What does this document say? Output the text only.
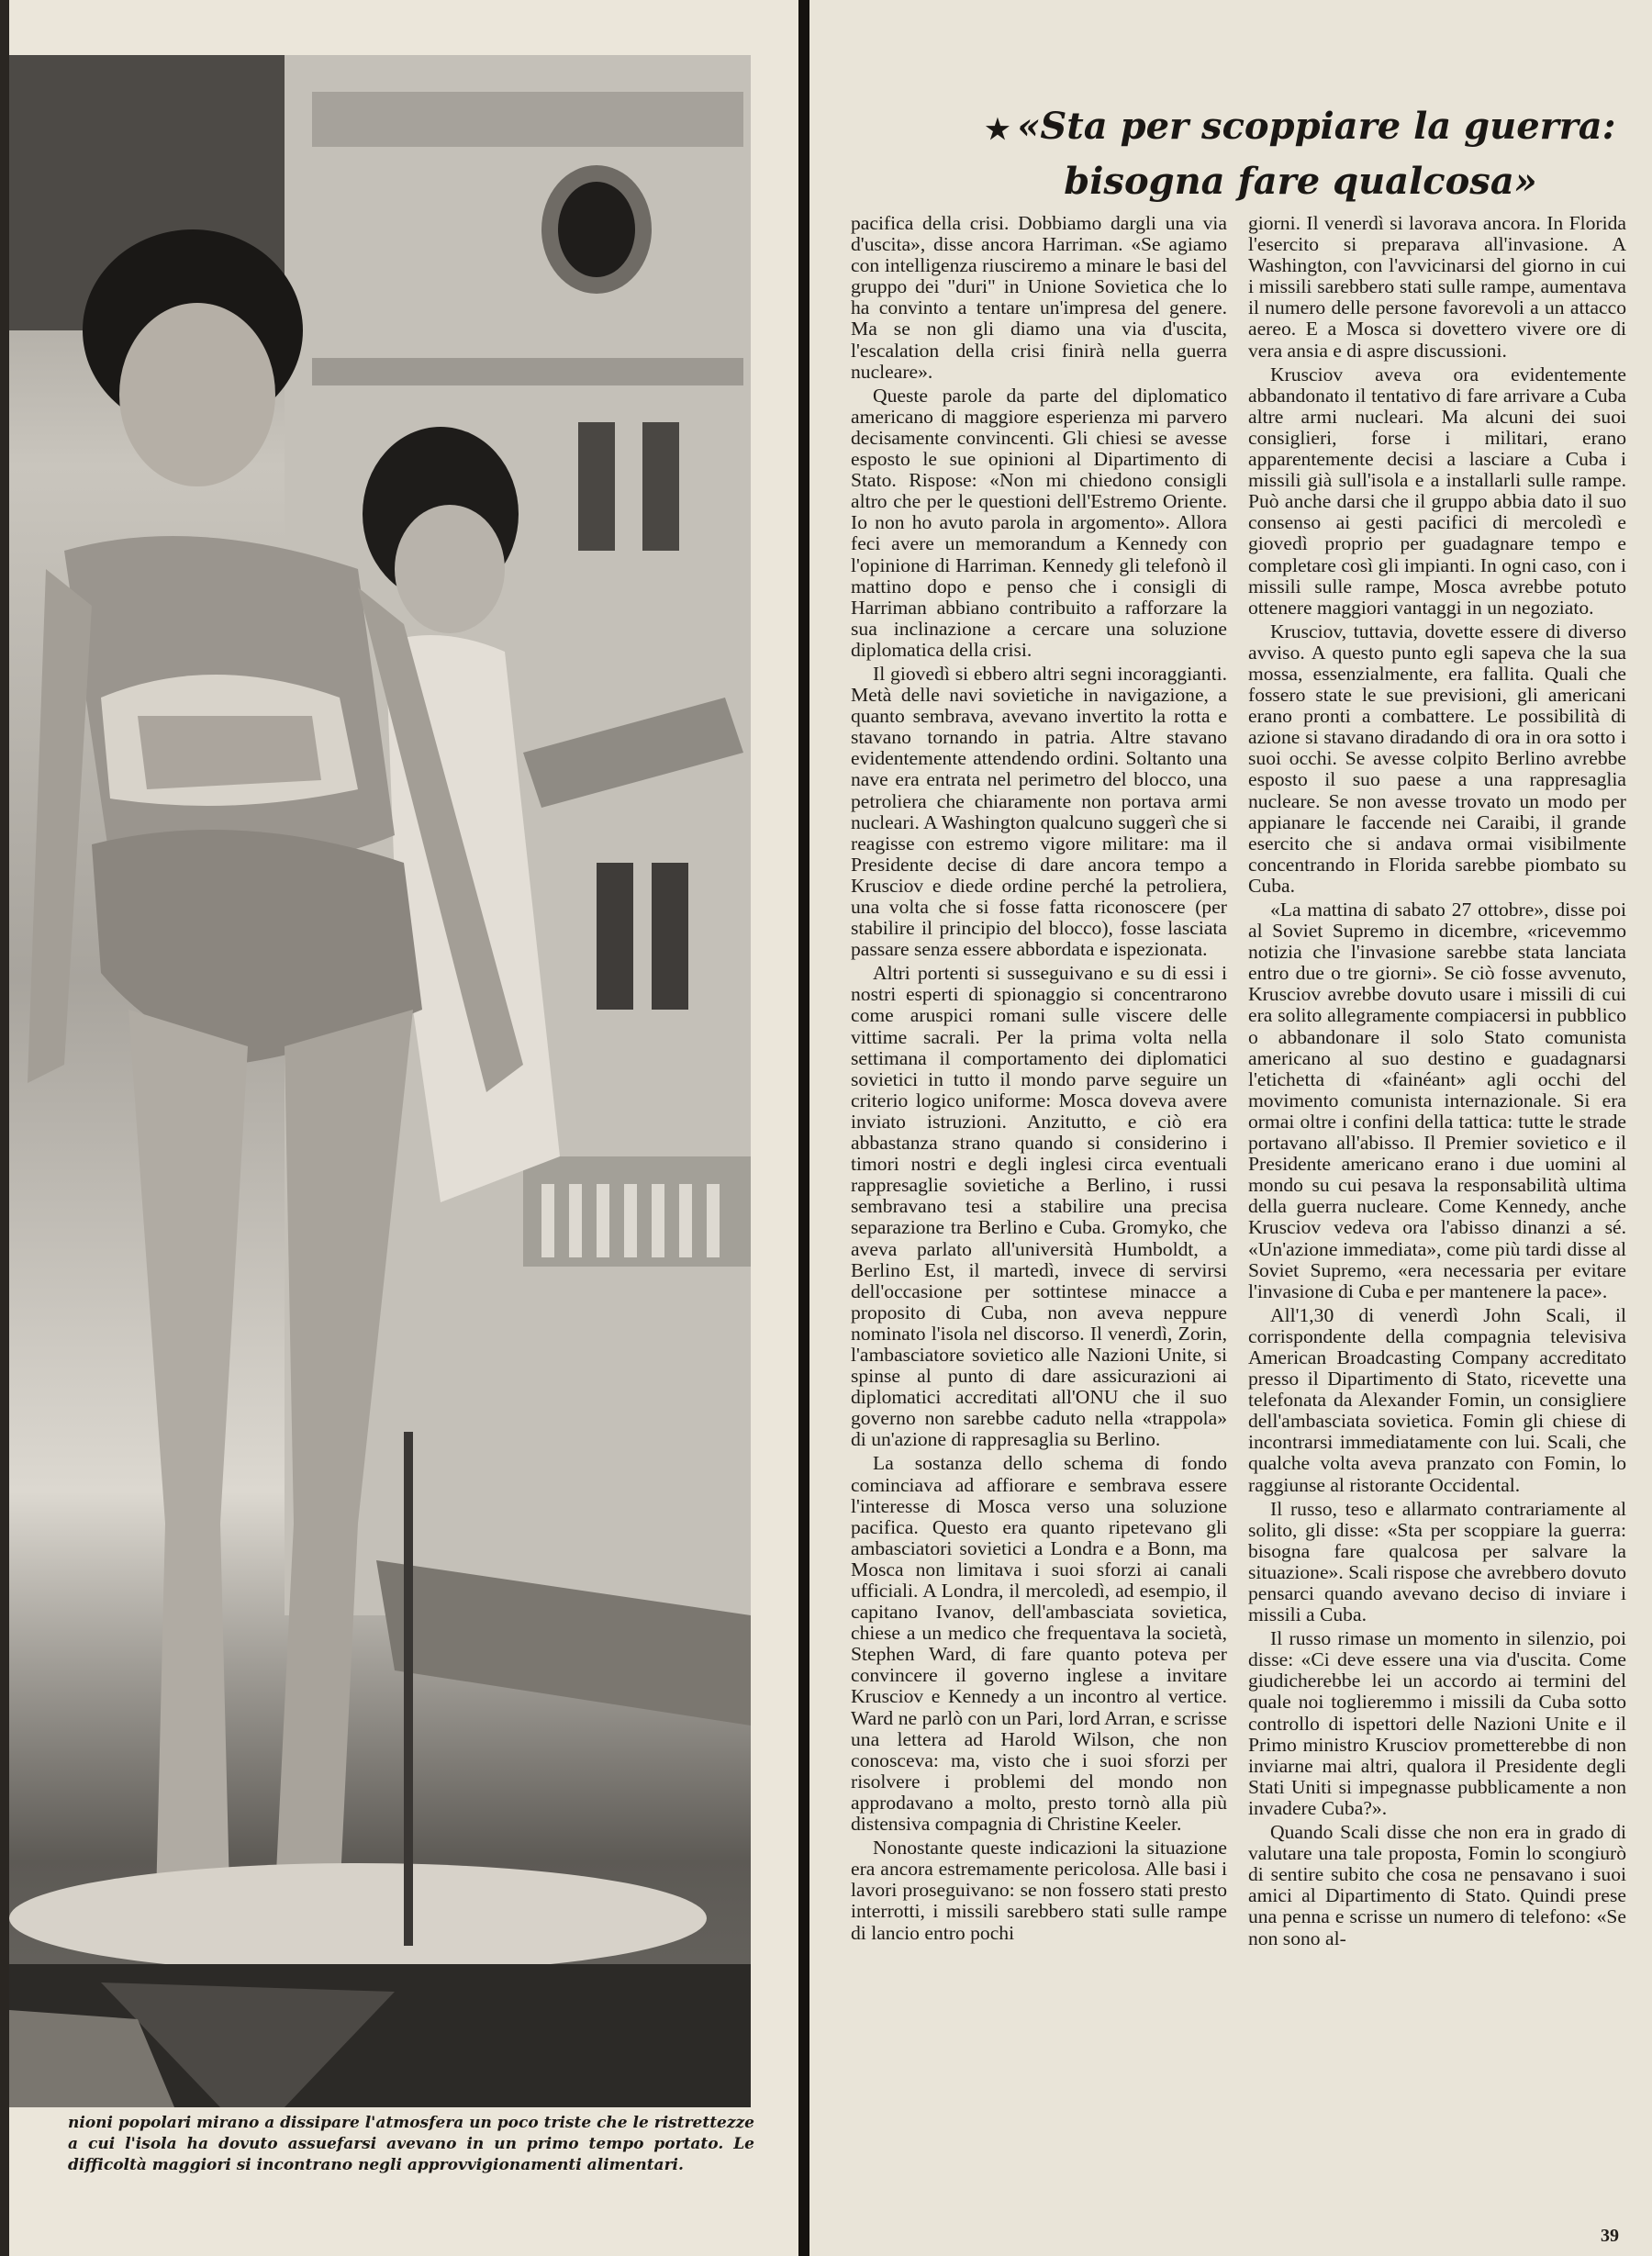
nioni popolari mirano a dissipare l'atmosfera un poco triste che le ristrettezze a cui l'isola ha dovuto assuefarsi avevano in un primo tempo portato. Le difficoltà maggiori si incontrano negli approvvigionamenti alimentari.
★ «Sta per scoppiare la guerra:
bisogna fare qualcosa»

pacifica della crisi. Dobbiamo dargli una via d'uscita», disse ancora Harriman. «Se agiamo con intelligenza riusciremo a minare le basi del gruppo dei "duri" in Unione Sovietica che lo ha convinto a tentare un'impresa del genere. Ma se non gli diamo una via d'uscita, l'escalation della crisi finirà nella guerra nucleare».

Queste parole da parte del diplomatico americano di maggiore esperienza mi parvero decisamente convincenti. Gli chiesi se avesse esposto le sue opinioni al Dipartimento di Stato. Rispose: «Non mi chiedono consigli altro che per le questioni dell'Estremo Oriente. Io non ho avuto parola in argomento». Allora feci avere un memorandum a Kennedy con l'opinione di Harriman. Kennedy gli telefonò il mattino dopo e penso che i consigli di Harriman abbiano contribuito a rafforzare la sua inclinazione a cercare una soluzione diplomatica della crisi.

Il giovedì si ebbero altri segni incoraggianti. Metà delle navi sovietiche in navigazione, a quanto sembrava, avevano invertito la rotta e stavano tornando in patria. Altre stavano evidentemente attendendo ordini. Soltanto una nave era entrata nel perimetro del blocco, una petroliera che chiaramente non portava armi nucleari. A Washington qualcuno suggerì che si reagisse con estremo vigore militare: ma il Presidente decise di dare ancora tempo a Krusciov e diede ordine perché la petroliera, una volta che si fosse fatta riconoscere (per stabilire il principio del blocco), fosse lasciata passare senza essere abbordata e ispezionata.

Altri portenti si susseguivano e su di essi i nostri esperti di spionaggio si concentrarono come aruspici romani sulle viscere delle vittime sacrali. Per la prima volta nella settimana il comportamento dei diplomatici sovietici in tutto il mondo parve seguire un criterio logico uniforme: Mosca doveva avere inviato istruzioni. Anzitutto, e ciò era abbastanza strano quando si considerino i timori nostri e degli inglesi circa eventuali rappresaglie sovietiche a Berlino, i russi sembravano tesi a stabilire una precisa separazione tra Berlino e Cuba. Gromyko, che aveva parlato all'università Humboldt, a Berlino Est, il martedì, invece di servirsi dell'occasione per sottintese minacce a proposito di Cuba, non aveva neppure nominato l'isola nel discorso. Il venerdì, Zorin, l'ambasciatore sovietico alle Nazioni Unite, si spinse al punto di dare assicurazioni ai diplomatici accreditati all'ONU che il suo governo non sarebbe caduto nella «trappola» di un'azione di rappresaglia su Berlino.

La sostanza dello schema di fondo cominciava ad affiorare e sembrava essere l'interesse di Mosca verso una soluzione pacifica. Questo era quanto ripetevano gli ambasciatori sovietici a Londra e a Bonn, ma Mosca non limitava i suoi sforzi ai canali ufficiali. A Londra, il mercoledì, ad esempio, il capitano Ivanov, dell'ambasciata sovietica, chiese a un medico che frequentava la società, Stephen Ward, di fare quanto poteva per convincere il governo inglese a invitare Krusciov e Kennedy a un incontro al vertice. Ward ne parlò con un Pari, lord Arran, e scrisse una lettera ad Harold Wilson, che non conosceva: ma, visto che i suoi sforzi per risolvere i problemi del mondo non approdavano a molto, presto tornò alla più distensiva compagnia di Christine Keeler.

Nonostante queste indicazioni la situazione era ancora estremamente pericolosa. Alle basi i lavori proseguivano: se non fossero stati presto interrotti, i missili sarebbero stati sulle rampe di lancio entro pochi

giorni. Il venerdì si lavorava ancora. In Florida l'esercito si preparava all'invasione. A Washington, con l'avvicinarsi del giorno in cui i missili sarebbero stati sulle rampe, aumentava il numero delle persone favorevoli a un attacco aereo. E a Mosca si dovettero vivere ore di vera ansia e di aspre discussioni.

Krusciov aveva ora evidentemente abbandonato il tentativo di fare arrivare a Cuba altre armi nucleari. Ma alcuni dei suoi consiglieri, forse i militari, erano apparentemente decisi a lasciare a Cuba i missili già sull'isola e a installarli sulle rampe. Può anche darsi che il gruppo abbia dato il suo consenso ai gesti pacifici di mercoledì e giovedì proprio per guadagnare tempo e completare così gli impianti. In ogni caso, con i missili sulle rampe, Mosca avrebbe potuto ottenere maggiori vantaggi in un negoziato.

Krusciov, tuttavia, dovette essere di diverso avviso. A questo punto egli sapeva che la sua mossa, essenzialmente, era fallita. Quali che fossero state le sue previsioni, gli americani erano pronti a combattere. Le possibilità di azione si stavano diradando di ora in ora sotto i suoi occhi. Se avesse colpito Berlino avrebbe esposto il suo paese a una rappresaglia nucleare. Se non avesse trovato un modo per appianare le faccende nei Caraibi, il grande esercito che si andava ormai visibilmente concentrando in Florida sarebbe piombato su Cuba.

«La mattina di sabato 27 ottobre», disse poi al Soviet Supremo in dicembre, «ricevemmo notizia che l'invasione sarebbe stata lanciata entro due o tre giorni». Se ciò fosse avvenuto, Krusciov avrebbe dovuto usare i missili di cui era solito allegramente compiacersi in pubblico o abbandonare il solo Stato comunista americano al suo destino e guadagnarsi l'etichetta di «fainéant» agli occhi del movimento comunista internazionale. Si era ormai oltre i confini della tattica: tutte le strade portavano all'abisso. Il Premier sovietico e il Presidente americano erano i due uomini al mondo su cui pesava la responsabilità ultima della guerra nucleare. Come Kennedy, anche Krusciov vedeva ora l'abisso dinanzi a sé. «Un'azione immediata», come più tardi disse al Soviet Supremo, «era necessaria per evitare l'invasione di Cuba e per mantenere la pace».

All'1,30 di venerdì John Scali, il corrispondente della compagnia televisiva American Broadcasting Company accreditato presso il Dipartimento di Stato, ricevette una telefonata da Alexander Fomin, un consigliere dell'ambasciata sovietica. Fomin gli chiese di incontrarsi immediatamente con lui. Scali, che qualche volta aveva pranzato con Fomin, lo raggiunse al ristorante Occidental.

Il russo, teso e allarmato contrariamente al solito, gli disse: «Sta per scoppiare la guerra: bisogna fare qualcosa per salvare la situazione». Scali rispose che avrebbero dovuto pensarci quando avevano deciso di inviare i missili a Cuba.

Il russo rimase un momento in silenzio, poi disse: «Ci deve essere una via d'uscita. Come giudicherebbe lei un accordo ai termini del quale noi toglieremmo i missili da Cuba sotto controllo di ispettori delle Nazioni Unite e il Primo ministro Krusciov prometterebbe di non inviarne mai altri, qualora il Presidente degli Stati Uniti si impegnasse pubblicamente a non invadere Cuba?».

Quando Scali disse che non era in grado di valutare una tale proposta, Fomin lo scongiurò di sentire subito che cosa ne pensavano i suoi amici al Dipartimento di Stato. Quindi prese una penna e scrisse un numero di telefono: «Se non sono al-

39
